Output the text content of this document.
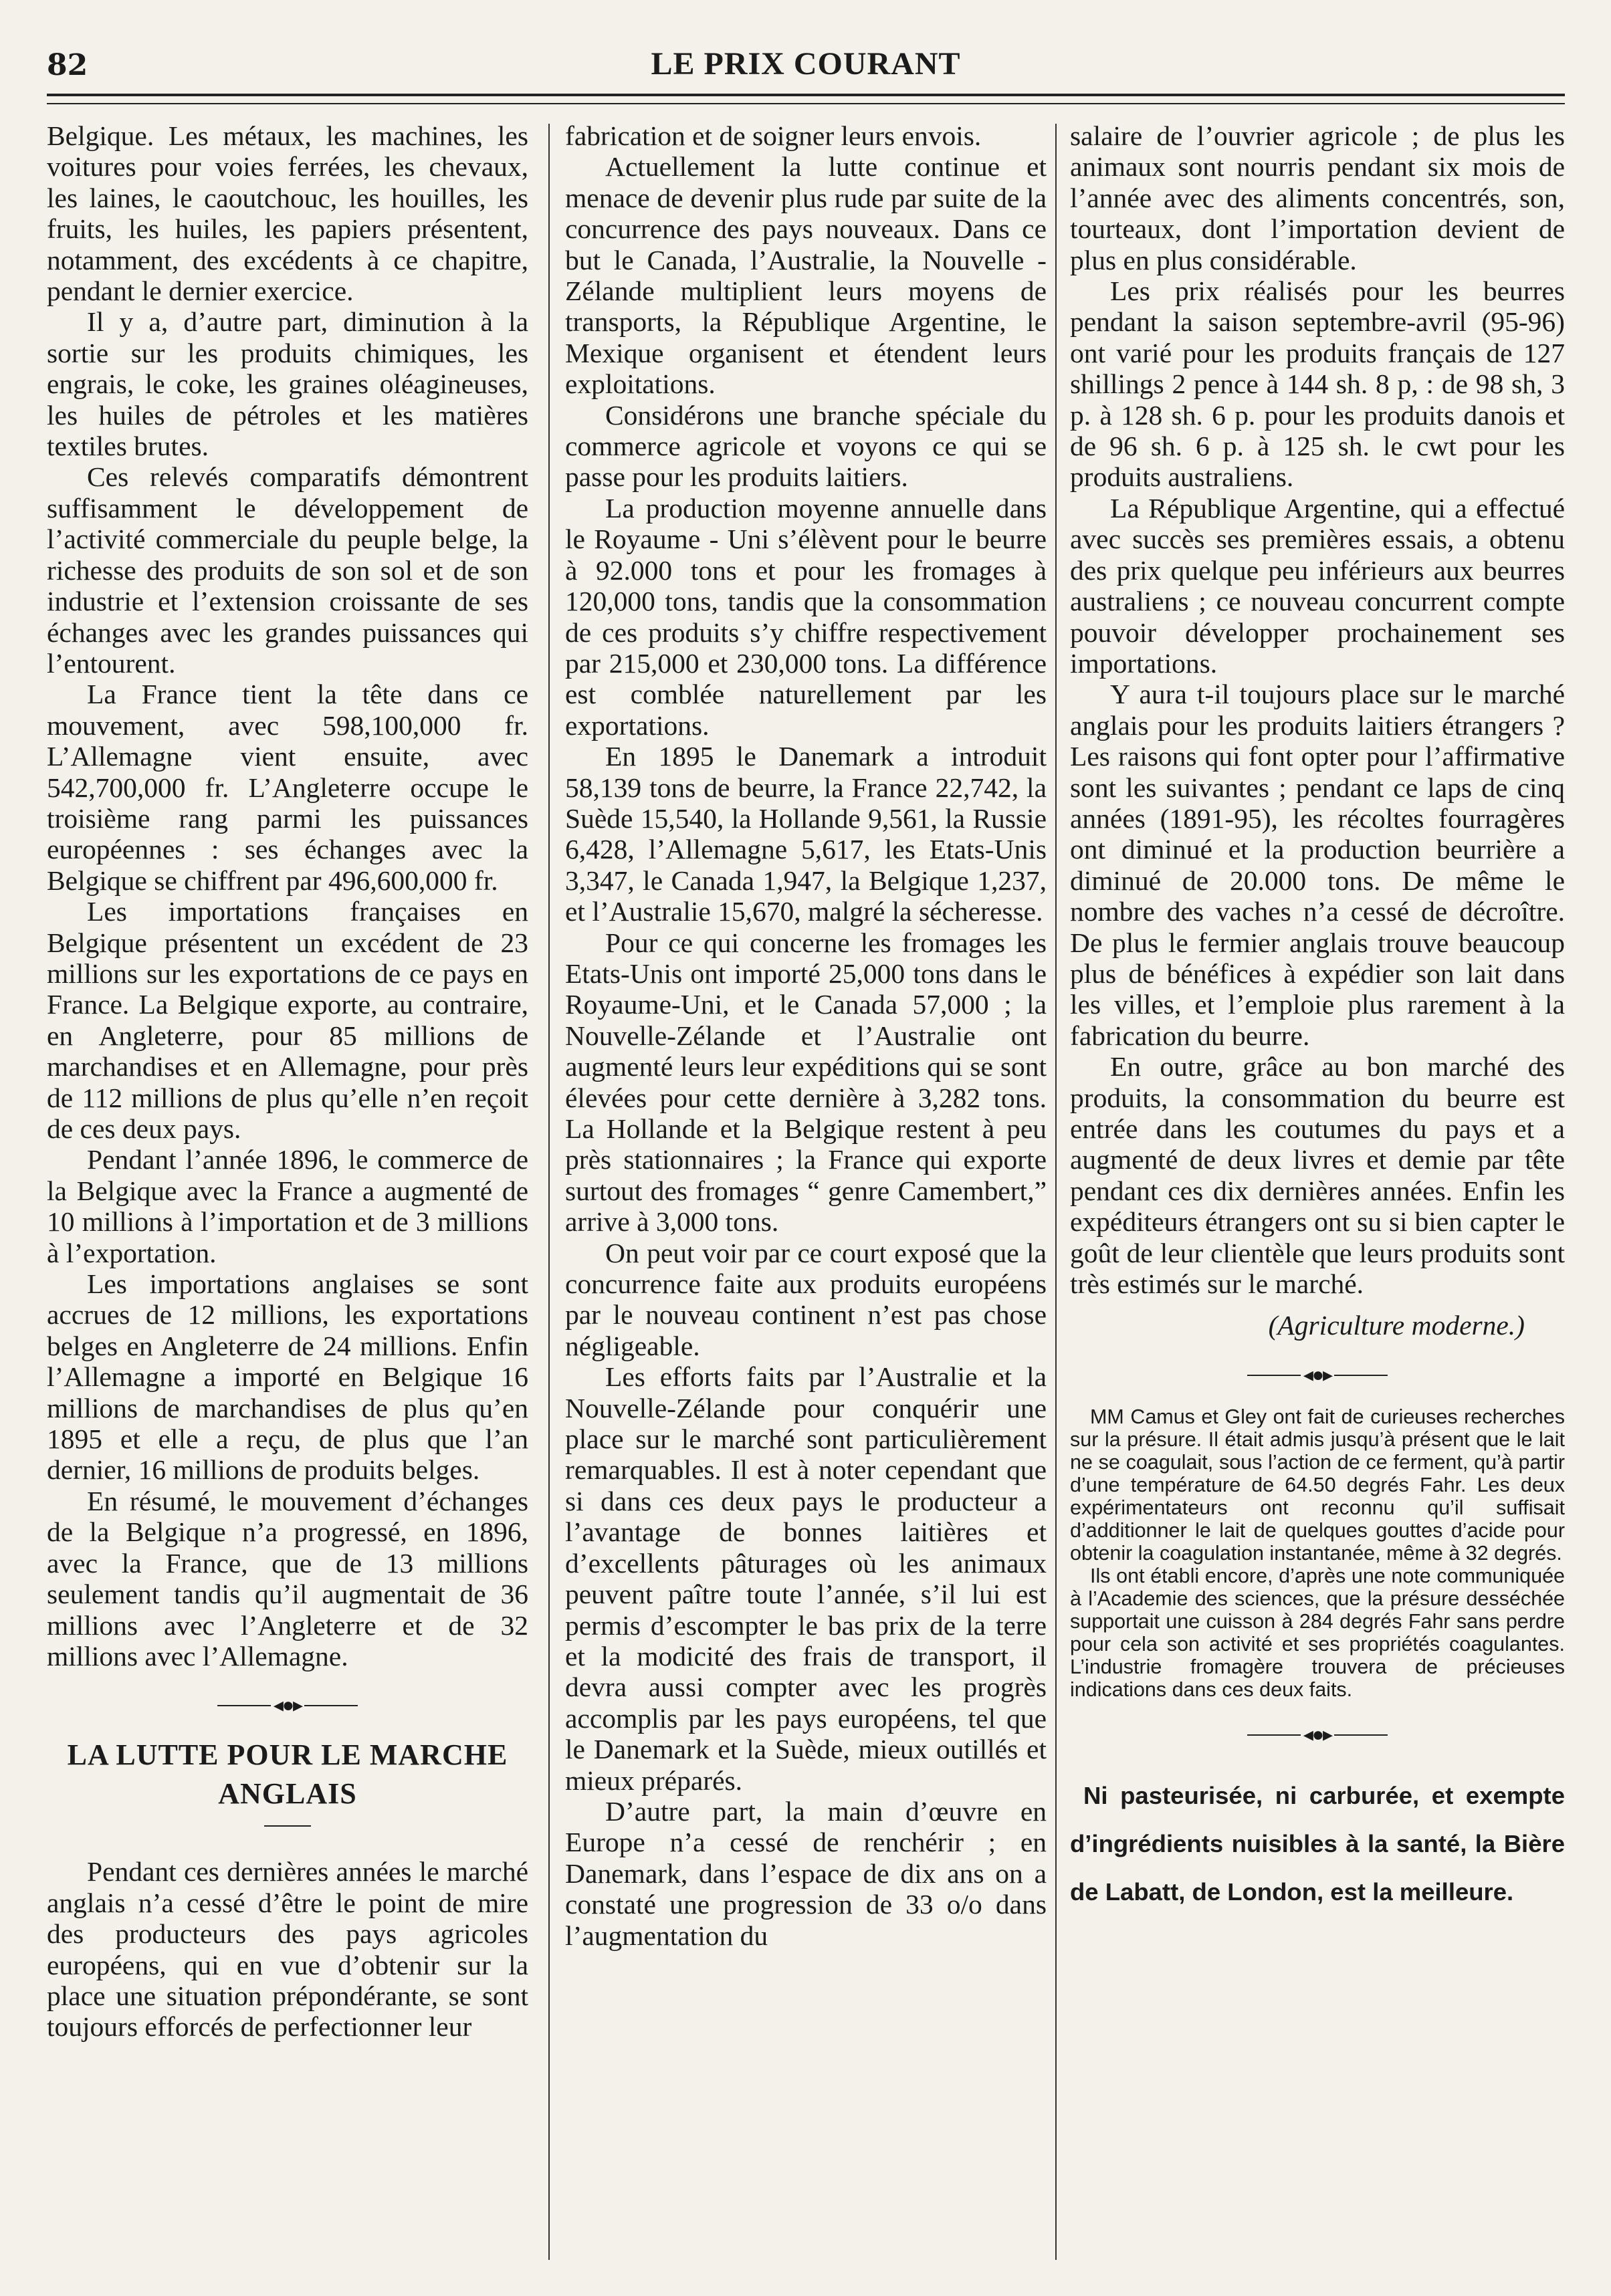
82	LE PRIX COURANT

Belgique. Les métaux, les machines, les voitures pour voies ferrées, les chevaux, les laines, le caoutchouc, les houilles, les fruits, les huiles, les papiers présentent, notamment, des excédents à ce chapitre, pendant le dernier exercice.

Il y a, d’autre part, diminution à la sortie sur les produits chimiques, les engrais, le coke, les graines oléagineuses, les huiles de pétroles et les matières textiles brutes.

Ces relevés comparatifs démontrent suffisamment le développement de l’activité commerciale du peuple belge, la richesse des produits de son sol et de son industrie et l’extension croissante de ses échanges avec les grandes puissances qui l’entourent.

La France tient la tête dans ce mouvement, avec 598,100,000 fr. L’Allemagne vient ensuite, avec 542,700,000 fr. L’Angleterre occupe le troisième rang parmi les puissances européennes : ses échanges avec la Belgique se chiffrent par 496,600,000 fr.

Les importations françaises en Belgique présentent un excédent de 23 millions sur les exportations de ce pays en France. La Belgique exporte, au contraire, en Angleterre, pour 85 millions de marchandises et en Allemagne, pour près de 112 millions de plus qu’elle n’en reçoit de ces deux pays.

Pendant l’année 1896, le commerce de la Belgique avec la France a augmenté de 10 millions à l’importation et de 3 millions à l’exportation.

Les importations anglaises se sont accrues de 12 millions, les exportations belges en Angleterre de 24 millions. Enfin l’Allemagne a importé en Belgique 16 millions de marchandises de plus qu’en 1895 et elle a reçu, de plus que l’an dernier, 16 millions de produits belges.

En résumé, le mouvement d’échanges de la Belgique n’a progressé, en 1896, avec la France, que de 13 millions seulement tandis qu’il augmentait de 36 millions avec l’Angleterre et de 32 millions avec l’Allemagne.

◂●▸
LA LUTTE POUR LE MARCHE ANGLAIS

Pendant ces dernières années le marché anglais n’a cessé d’être le point de mire des producteurs des pays agricoles européens, qui en vue d’obtenir sur la place une situation prépondérante, se sont toujours efforcés de perfectionner leur

fabrication et de soigner leurs envois.

Actuellement la lutte continue et menace de devenir plus rude par suite de la concurrence des pays nouveaux. Dans ce but le Canada, l’Australie, la Nouvelle - Zélande multiplient leurs moyens de transports, la République Argentine, le Mexique organisent et étendent leurs exploitations.

Considérons une branche spéciale du commerce agricole et voyons ce qui se passe pour les produits laitiers.

La production moyenne annuelle dans le Royaume - Uni s’élèvent pour le beurre à 92.000 tons et pour les fromages à 120,000 tons, tandis que la consommation de ces produits s’y chiffre respectivement par 215,000 et 230,000 tons. La différence est comblée naturellement par les exportations.

En 1895 le Danemark a introduit 58,139 tons de beurre, la France 22,742, la Suède 15,540, la Hollande 9,561, la Russie 6,428, l’Allemagne 5,617, les Etats-Unis 3,347, le Canada 1,947, la Belgique 1,237, et l’Australie 15,670, malgré la sécheresse.

Pour ce qui concerne les fromages les Etats-Unis ont importé 25,000 tons dans le Royaume-Uni, et le Canada 57,000 ; la Nouvelle-Zélande et l’Australie ont augmenté leurs leur expéditions qui se sont élevées pour cette dernière à 3,282 tons. La Hollande et la Belgique restent à peu près stationnaires ; la France qui exporte surtout des fromages “ genre Camembert,” arrive à 3,000 tons.

On peut voir par ce court exposé que la concurrence faite aux produits européens par le nouveau continent n’est pas chose négligeable.

Les efforts faits par l’Australie et la Nouvelle-Zélande pour conquérir une place sur le marché sont particulièrement remarquables. Il est à noter cependant que si dans ces deux pays le producteur a l’avantage de bonnes laitières et d’excellents pâturages où les animaux peuvent paître toute l’année, s’il lui est permis d’escompter le bas prix de la terre et la modicité des frais de transport, il devra aussi compter avec les progrès accomplis par les pays européens, tel que le Danemark et la Suède, mieux outillés et mieux préparés.

D’autre part, la main d’œuvre en Europe n’a cessé de renchérir ; en Danemark, dans l’espace de dix ans on a constaté une progression de 33 o/o dans l’augmentation du

salaire de l’ouvrier agricole ; de plus les animaux sont nourris pendant six mois de l’année avec des aliments concentrés, son, tourteaux, dont l’importation devient de plus en plus considérable.

Les prix réalisés pour les beurres pendant la saison septembre-avril (95-96) ont varié pour les produits français de 127 shillings 2 pence à 144 sh. 8 p, : de 98 sh, 3 p. à 128 sh. 6 p. pour les produits danois et de 96 sh. 6 p. à 125 sh. le cwt pour les produits australiens.

La République Argentine, qui a effectué avec succès ses premières essais, a obtenu des prix quelque peu inférieurs aux beurres australiens ; ce nouveau concurrent compte pouvoir développer prochainement ses importations.

Y aura t-il toujours place sur le marché anglais pour les produits laitiers étrangers ? Les raisons qui font opter pour l’affirmative sont les suivantes ; pendant ce laps de cinq années (1891-95), les récoltes fourragères ont diminué et la production beurrière a diminué de 20.000 tons. De même le nombre des vaches n’a cessé de décroître. De plus le fermier anglais trouve beaucoup plus de bénéfices à expédier son lait dans les villes, et l’emploie plus rarement à la fabrication du beurre.

En outre, grâce au bon marché des produits, la consommation du beurre est entrée dans les coutumes du pays et a augmenté de deux livres et demie par tête pendant ces dix dernières années. Enfin les expéditeurs étrangers ont su si bien capter le goût de leur clientèle que leurs produits sont très estimés sur le marché.

(Agriculture moderne.)
◂●▸

MM Camus et Gley ont fait de curieuses recherches sur la présure. Il était admis jusqu’à présent que le lait ne se coagulait, sous l’action de ce ferment, qu’à partir d’une température de 64.50 degrés Fahr. Les deux expérimentateurs ont reconnu qu’il suffisait d’additionner le lait de quelques gouttes d’acide pour obtenir la coagulation instantanée, même à 32 degrés.

Ils ont établi encore, d’après une note communiquée à l’Academie des sciences, que la présure desséchée supportait une cuisson à 284 degrés Fahr sans perdre pour cela son activité et ses propriétés coagulantes. L’industrie fromagère trouvera de précieuses indications dans ces deux faits.

◂●▸

Ni pasteurisée, ni carburée, et exempte d’ingrédients nuisibles à la santé, la Bière de Labatt, de London, est la meilleure.
